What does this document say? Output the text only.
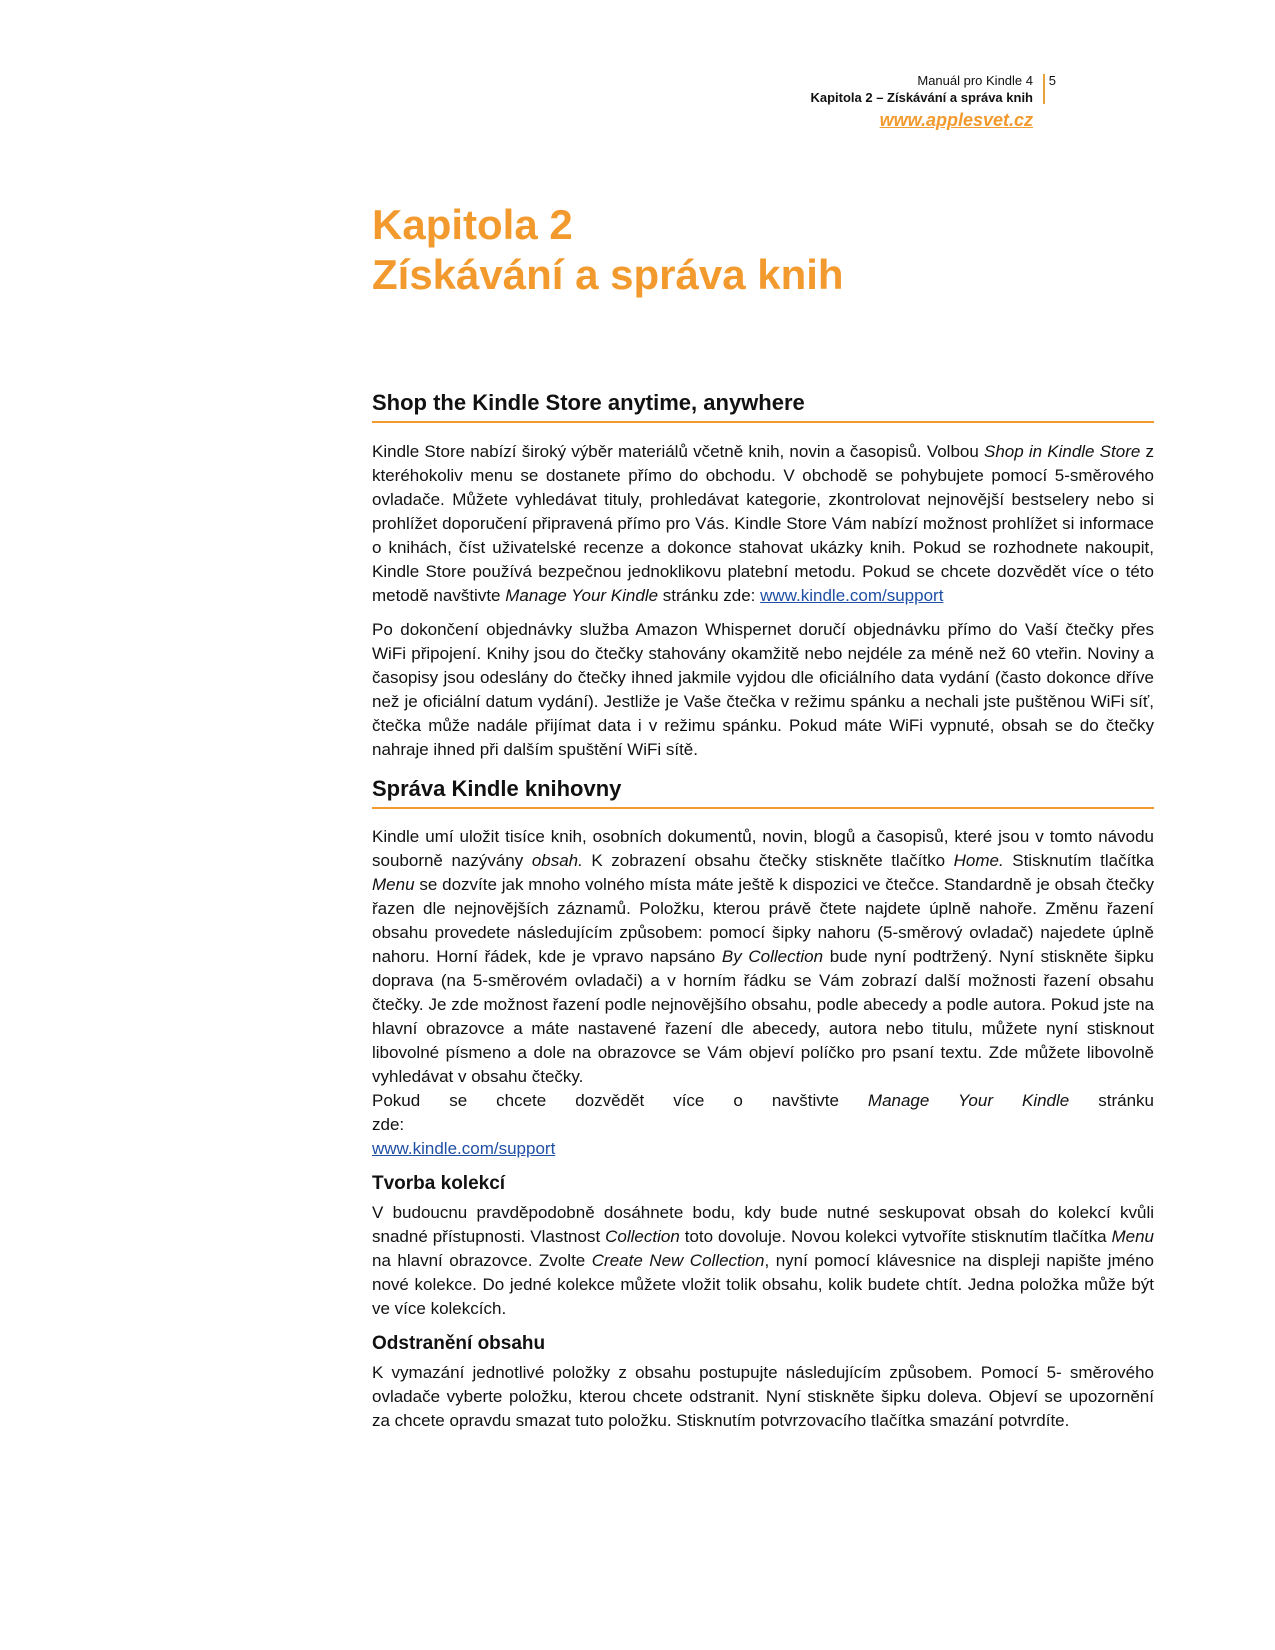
Manuál pro Kindle 4
Kapitola 2 – Získávání a správa knih
5
www.applesvet.cz
Kapitola 2
Získávání a správa knih
Shop the Kindle Store anytime, anywhere

Kindle Store nabízí široký výběr materiálů včetně knih, novin a časopisů. Volbou Shop in Kindle Store z kteréhokoliv menu se dostanete přímo do obchodu. V obchodě se pohybujete pomocí 5-směrového ovladače. Můžete vyhledávat tituly, prohledávat kategorie, zkontrolovat nejnovější bestselery nebo si prohlížet doporučení připravená přímo pro Vás. Kindle Store Vám nabízí možnost prohlížet si informace o knihách, číst uživatelské recenze a dokonce stahovat ukázky knih. Pokud se rozhodnete nakoupit, Kindle Store používá bezpečnou jednoklikovu platební metodu. Pokud se chcete dozvědět více o této metodě navštivte Manage Your Kindle stránku zde: www.kindle.com/support

Po dokončení objednávky služba Amazon Whispernet doručí objednávku přímo do Vaší čtečky přes WiFi připojení. Knihy jsou do čtečky stahovány okamžitě nebo nejdéle za méně než 60 vteřin. Noviny a časopisy jsou odeslány do čtečky ihned jakmile vyjdou dle oficiálního data vydání (často dokonce dříve než je oficiální datum vydání). Jestliže je Vaše čtečka v režimu spánku a nechali jste puštěnou WiFi síť, čtečka může nadále přijímat data i v režimu spánku. Pokud máte WiFi vypnuté, obsah se do čtečky nahraje ihned při dalším spuštění WiFi sítě.

Správa Kindle knihovny

Kindle umí uložit tisíce knih, osobních dokumentů, novin, blogů a časopisů, které jsou v tomto návodu souborně nazývány obsah. K zobrazení obsahu čtečky stiskněte tlačítko Home. Stisknutím tlačítka Menu se dozvíte jak mnoho volného místa máte ještě k dispozici ve čtečce. Standardně je obsah čtečky řazen dle nejnovějších záznamů. Položku, kterou právě čtete najdete úplně nahoře. Změnu řazení obsahu provedete následujícím způsobem: pomocí šipky nahoru (5-směrový ovladač) najedete úplně nahoru. Horní řádek, kde je vpravo napsáno By Collection bude nyní podtržený. Nyní stiskněte šipku doprava (na 5-směrovém ovladači) a v horním řádku se Vám zobrazí další možnosti řazení obsahu čtečky. Je zde možnost řazení podle nejnovějšího obsahu, podle abecedy a podle autora. Pokud jste na hlavní obrazovce a máte nastavené řazení dle abecedy, autora nebo titulu, můžete nyní stisknout libovolné písmeno a dole na obrazovce se Vám objeví políčko pro psaní textu. Zde můžete libovolně vyhledávat v obsahu čtečky.

Pokud se chcete dozvědět více o navštivte Manage Your Kindle stránku

zde:
www.kindle.com/support

Tvorba kolekcí

V budoucnu pravděpodobně dosáhnete bodu, kdy bude nutné seskupovat obsah do kolekcí kvůli snadné přístupnosti. Vlastnost Collection toto dovoluje. Novou kolekci vytvoříte stisknutím tlačítka Menu na hlavní obrazovce. Zvolte Create New Collection, nyní pomocí klávesnice na displeji napište jméno nové kolekce. Do jedné kolekce můžete vložit tolik obsahu, kolik budete chtít. Jedna položka může být ve více kolekcích.

Odstranění obsahu

K vymazání jednotlivé položky z obsahu postupujte následujícím způsobem. Pomocí 5- směrového ovladače vyberte položku, kterou chcete odstranit. Nyní stiskněte šipku doleva. Objeví se upozornění za chcete opravdu smazat tuto položku. Stisknutím potvrzovacího tlačítka smazání potvrdíte.
